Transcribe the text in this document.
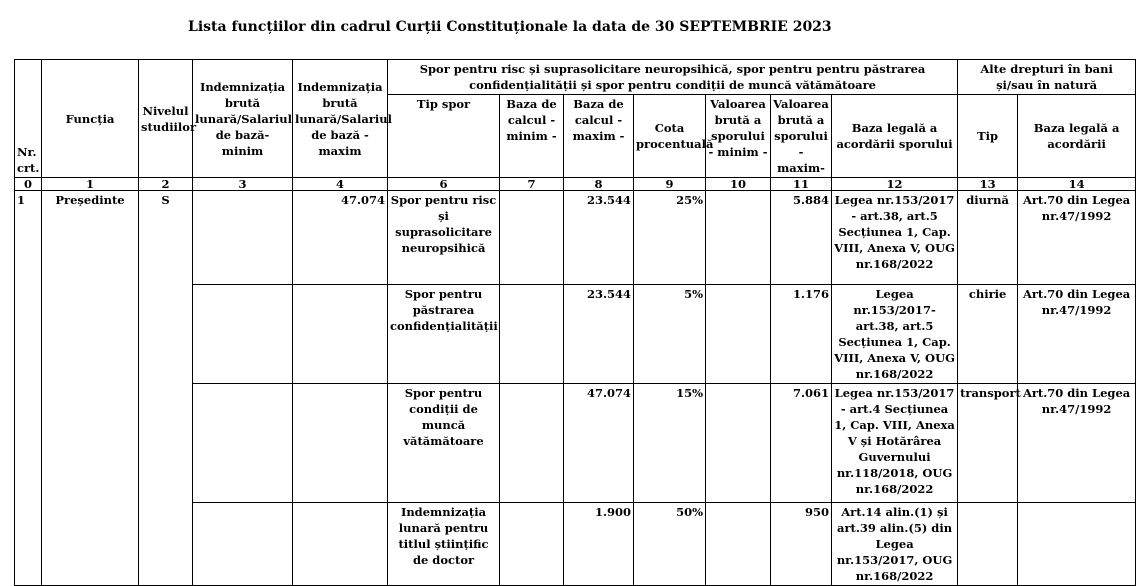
Lista funcțiilor din cadrul Curții Constituționale la data de 30 SEPTEMBRIE 2023
Nr. crt.	Funcția	Nivelul studiilor	Indemnizația brută lunară/Salariul de bază- minim	Indemnizația brută lunară/Salariul de bază -maxim	Spor pentru risc și suprasolicitare neuropsihică, spor pentru pentru păstrarea confidențialității și spor pentru condiții de muncă vătămătoare							Alte drepturi în bani și/sau în natură	
					Tip spor	Baza de calcul - minim -	Baza de calcul - maxim -	Cota procentuală	Valoarea brută a sporului - minim -	Valoarea brută a sporului - maxim-	Baza legală a acordării sporului	Tip	Baza legală a acordării
0	1	2	3	4	6	7	8	9	10	11	12	13	14
1	Președinte	S		47.074	Spor pentru risc și suprasolicitare neuropsihică		23.544	25%		5.884	Legea nr.153/2017 - art.38, art.5 Secțiunea 1, Cap. VIII, Anexa V, OUG nr.168/2022	diurnă	Art.70 din Legea nr.47/1992
					Spor pentru păstrarea confidențialității		23.544	5%		1.176	Legea nr.153/2017- art.38, art.5 Secțiunea 1, Cap. VIII, Anexa V, OUG nr.168/2022	chirie	Art.70 din Legea nr.47/1992
					Spor pentru condiții de muncă vătămătoare		47.074	15%		7.061	Legea nr.153/2017 - art.4 Secțiunea 1, Cap. VIII, Anexa V și Hotărârea Guvernului nr.118/2018, OUG nr.168/2022	transport	Art.70 din Legea nr.47/1992
					Indemnizația lunară pentru titlul științific de doctor		1.900	50%		950	Art.14 alin.(1) și art.39 alin.(5) din Legea nr.153/2017, OUG nr.168/2022		
